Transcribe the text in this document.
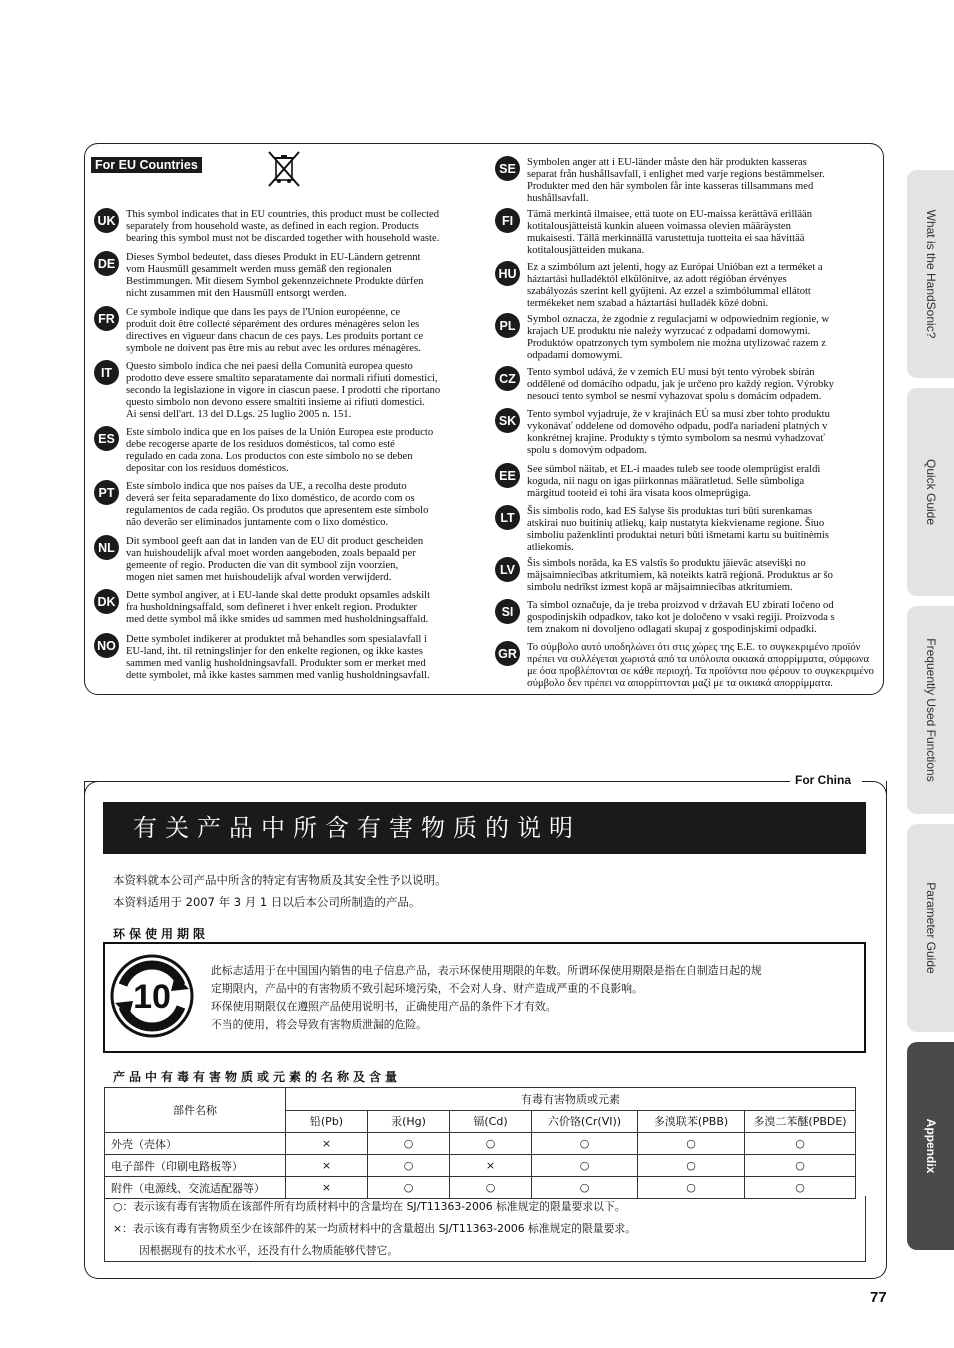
For EU Countries
For China
有关产品中所含有害物质的说明
本资料就本公司产品中所含的特定有害物质及其安全性予以说明。
本资料适用于 2007 年 3 月 1 日以后本公司所制造的产品。
环保使用期限
10
此标志适用于在中国国内销售的电子信息产品，表示环保使用期限的年数。所谓环保使用期限是指在自制造日起的规
定期限内，产品中的有害物质不致引起环境污染，不会对人身、财产造成严重的不良影响。
环保使用期限仅在遵照产品使用说明书，正确使用产品的条件下才有效。
不当的使用，将会导致有害物质泄漏的危险。
产品中有毒有害物质或元素的名称及含量
部件名称	有毒有害物质或元素					
	铅(Pb)	汞(Hg)	镉(Cd)	六价铬(Cr(VI))	多溴联苯(PBB)	多溴二苯醚(PBDE)
外壳（壳体）	×	○	○	○	○	○
电子部件（印刷电路板等）	×	○	×	○	○	○
附件（电源线、交流适配器等）	×	○	○	○	○	○
○：表示该有毒有害物质在该部件所有均质材料中的含量均在 SJ/T11363-2006 标准规定的限量要求以下。
×：表示该有毒有害物质至少在该部件的某一均质材料中的含量超出 SJ/T11363-2006 标准规定的限量要求。
因根据现有的技术水平，还没有什么物质能够代替它。
What is the HandSonic?
Quick Guide
Frequently Used Functions
Parameter Guide
Appendix
77
UK This symbol indicates that in EU countries, this product must be collected
separately from household waste, as defined in each region. Products
bearing this symbol must not be discarded together with household waste.
DE	Dieses Symbol bedeutet, dass dieses Produkt in EU-Ländern getrennt
vom Hausmüll gesammelt werden muss gemäß den regionalen
Bestimmungen. Mit diesem Symbol gekennzeichnete Produkte dürfen
nicht zusammen mit den Hausmüll entsorgt werden.
FR	Ce symbole indique que dans les pays de l'Union européenne, ce
produit doit être collecté séparément des ordures ménagères selon les
directives en vigueur dans chacun de ces pays. Les produits portant ce
symbole ne doivent pas être mis au rebut avec les ordures ménagères.
IT	Questo simbolo indica che nei paesi della Comunità europea questo
prodotto deve essere smaltito separatamente dai normali rifiuti domestici,
secondo la legislazione in vigore in ciascun paese. I prodotti che riportano
questo simbolo non devono essere smaltiti insieme ai rifiuti domestici.
Ai sensi dell'art. 13 del D.Lgs. 25 luglio 2005 n. 151.
ES	Este símbolo indica que en los países de la Unión Europea este producto
debe recogerse aparte de los residuos domésticos, tal como esté
regulado en cada zona. Los productos con este símbolo no se deben
depositar con los residuos domésticos.
PT	Este símbolo indica que nos países da UE, a recolha deste produto
deverá ser feita separadamente do lixo doméstico, de acordo com os
regulamentos de cada região. Os produtos que apresentem este símbolo
não deverão ser eliminados juntamente com o lixo doméstico.
NL	Dit symbool geeft aan dat in landen van de EU dit product gescheiden
van huishoudelijk afval moet worden aangeboden, zoals bepaald per
gemeente of regio. Producten die van dit symbool zijn voorzien,
mogen niet samen met huishoudelijk afval worden verwijderd.
DK Dette symbol angiver, at i EU-lande skal dette produkt opsamles adskilt
fra husholdningsaffald, som defineret i hver enkelt region. Produkter
med dette symbol må ikke smides ud sammen med husholdningsaffald.
NO Dette symbolet indikerer at produktet må behandles som spesialavfall i
EU-land, iht. til retningslinjer for den enkelte regionen, og ikke kastes
sammen med vanlig husholdningsavfall. Produkter som er merket med
dette symbolet, må ikke kastes sammen med vanlig husholdningsavfall.
SE	Symbolen anger att i EU-länder måste den här produkten kasseras
separat från hushållsavfall, i enlighet med varje regions bestämmelser.
Produkter med den här symbolen får inte kasseras tillsammans med
hushållsavfall.
FI	Tämä merkintä ilmaisee, että tuote on EU-maissa kerättävä erillään
kotitalousjätteistä kunkin alueen voimassa olevien määräysten
mukaisesti. Tällä merkinnällä varustettuja tuotteita ei saa hävittää
kotitalousjätteiden mukana.
HU Ez a szimbólum azt jelenti, hogy az Európai Unióban ezt a terméket a
háztartási hulladéktól elkülönítve, az adott régióban érvényes
szabályozás szerint kell gyűjteni. Az ezzel a szimbólummal ellátott
termékeket nem szabad a háztartási hulladék közé dobni.
PL	Symbol oznacza, że zgodnie z regulacjami w odpowiednim regionie, w
krajach UE produktu nie należy wyrzucać z odpadami domowymi.
Produktów opatrzonych tym symbolem nie można utylizować razem z
odpadami domowymi.
CZ	Tento symbol udává, že v zemích EU musí být tento výrobek sbírán
oddělené od domácího odpadu, jak je určeno pro každý region. Výrobky
nesoucí tento symbol se nesmí vyhazovat spolu s domácím odpadem.
SK	Tento symbol vyjadruje, že v krajinách EÚ sa musí zber tohto produktu
vykonávať oddelene od domového odpadu, podľa nariadení platných v
konkrétnej krajine. Produkty s týmto symbolom sa nesmú vyhadzovať
spolu s domovým odpadom.
EE	See sümbol näitab, et EL-i maades tuleb see toode olemprügist eraldi
koguda, nii nagu on igas piirkonnas määratletud. Selle sümboliga
märgitud tooteid ei tohi ära visata koos olmeprügiga.
LT	Šis simbolis rodo, kad ES šalyse šis produktas turi būti surenkamas
atskirai nuo buitinių atliekų, kaip nustatyta kiekviename regione. Šiuo
simboliu paženklinti produktai neturi būti išmetami kartu su buitinėmis
atliekomis.
LV	Šis simbols norāda, ka ES valstīs šo produktu jāievāc atsevišķi no
mājsaimniecības atkritumiem, kā noteikts katrā reģionā. Produktus ar šo
simbolu nedrīkst izmest kopā ar mājsaimniecības atkritumiem.
SI	Ta simbol označuje, da je treba proizvod v državah EU zbirati ločeno od
gospodinjskih odpadkov, tako kot je določeno v vsaki regiji. Proizvoda s
tem znakom ni dovoljeno odlagati skupaj z gospodinjskimi odpadki.
GR Το σύμβολο αυτό υποδηλώνει ότι στις χώρες της Ε.Ε. το συγκεκριμένο προϊόν
πρέπει να συλλέγεται χωριστά από τα υπόλοιπα οικιακά απορρίμματα, σύμφωνα
με όσα προβλέπονται σε κάθε περιοχή. Τα προϊόντα που φέρουν το συγκεκριμένο
σύμβολο δεν πρέπει να απορρίπτονται μαζί με τα οικιακά απορρίμματα.
